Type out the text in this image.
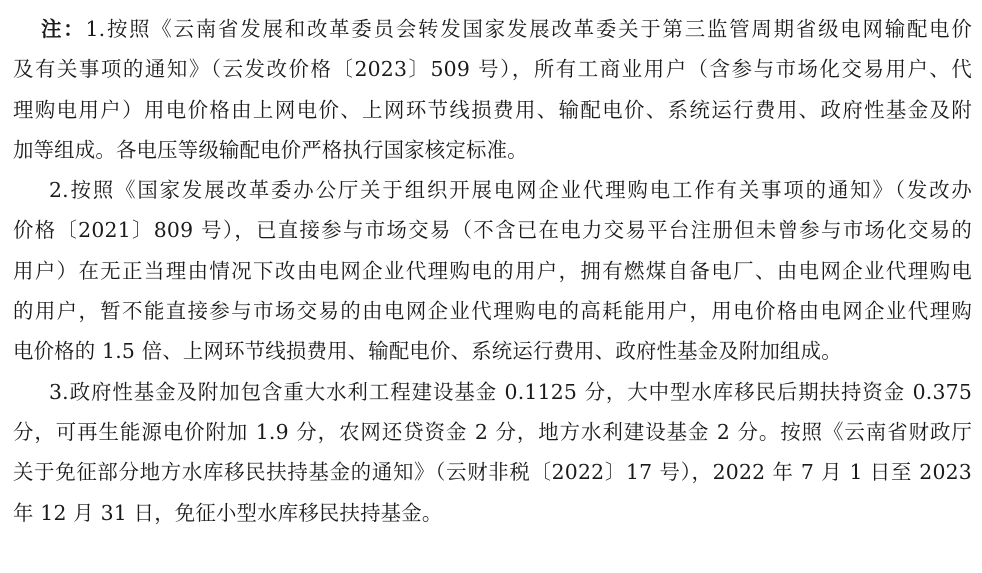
注：1.按照《云南省发展和改革委员会转发国家发展改革委关于第三监管周期省级电网输配电价
及有关事项的通知》（云发改价格〔2023〕509 号），所有工商业用户（含参与市场化交易用户、代
理购电用户）用电价格由上网电价、上网环节线损费用、输配电价、系统运行费用、政府性基金及附
加等组成。各电压等级输配电价严格执行国家核定标准。
2.按照《国家发展改革委办公厅关于组织开展电网企业代理购电工作有关事项的通知》（发改办
价格〔2021〕809 号），已直接参与市场交易（不含已在电力交易平台注册但未曾参与市场化交易的
用户）在无正当理由情况下改由电网企业代理购电的用户，拥有燃煤自备电厂、由电网企业代理购电
的用户，暂不能直接参与市场交易的由电网企业代理购电的高耗能用户，用电价格由电网企业代理购
电价格的 1.5 倍、上网环节线损费用、输配电价、系统运行费用、政府性基金及附加组成。
3.政府性基金及附加包含重大水利工程建设基金 0.1125 分，大中型水库移民后期扶持资金 0.375
分，可再生能源电价附加 1.9 分，农网还贷资金 2 分，地方水利建设基金 2 分。按照《云南省财政厅
关于免征部分地方水库移民扶持基金的通知》（云财非税〔2022〕17 号），2022 年 7 月 1 日至 2023
年 12 月 31 日，免征小型水库移民扶持基金。
